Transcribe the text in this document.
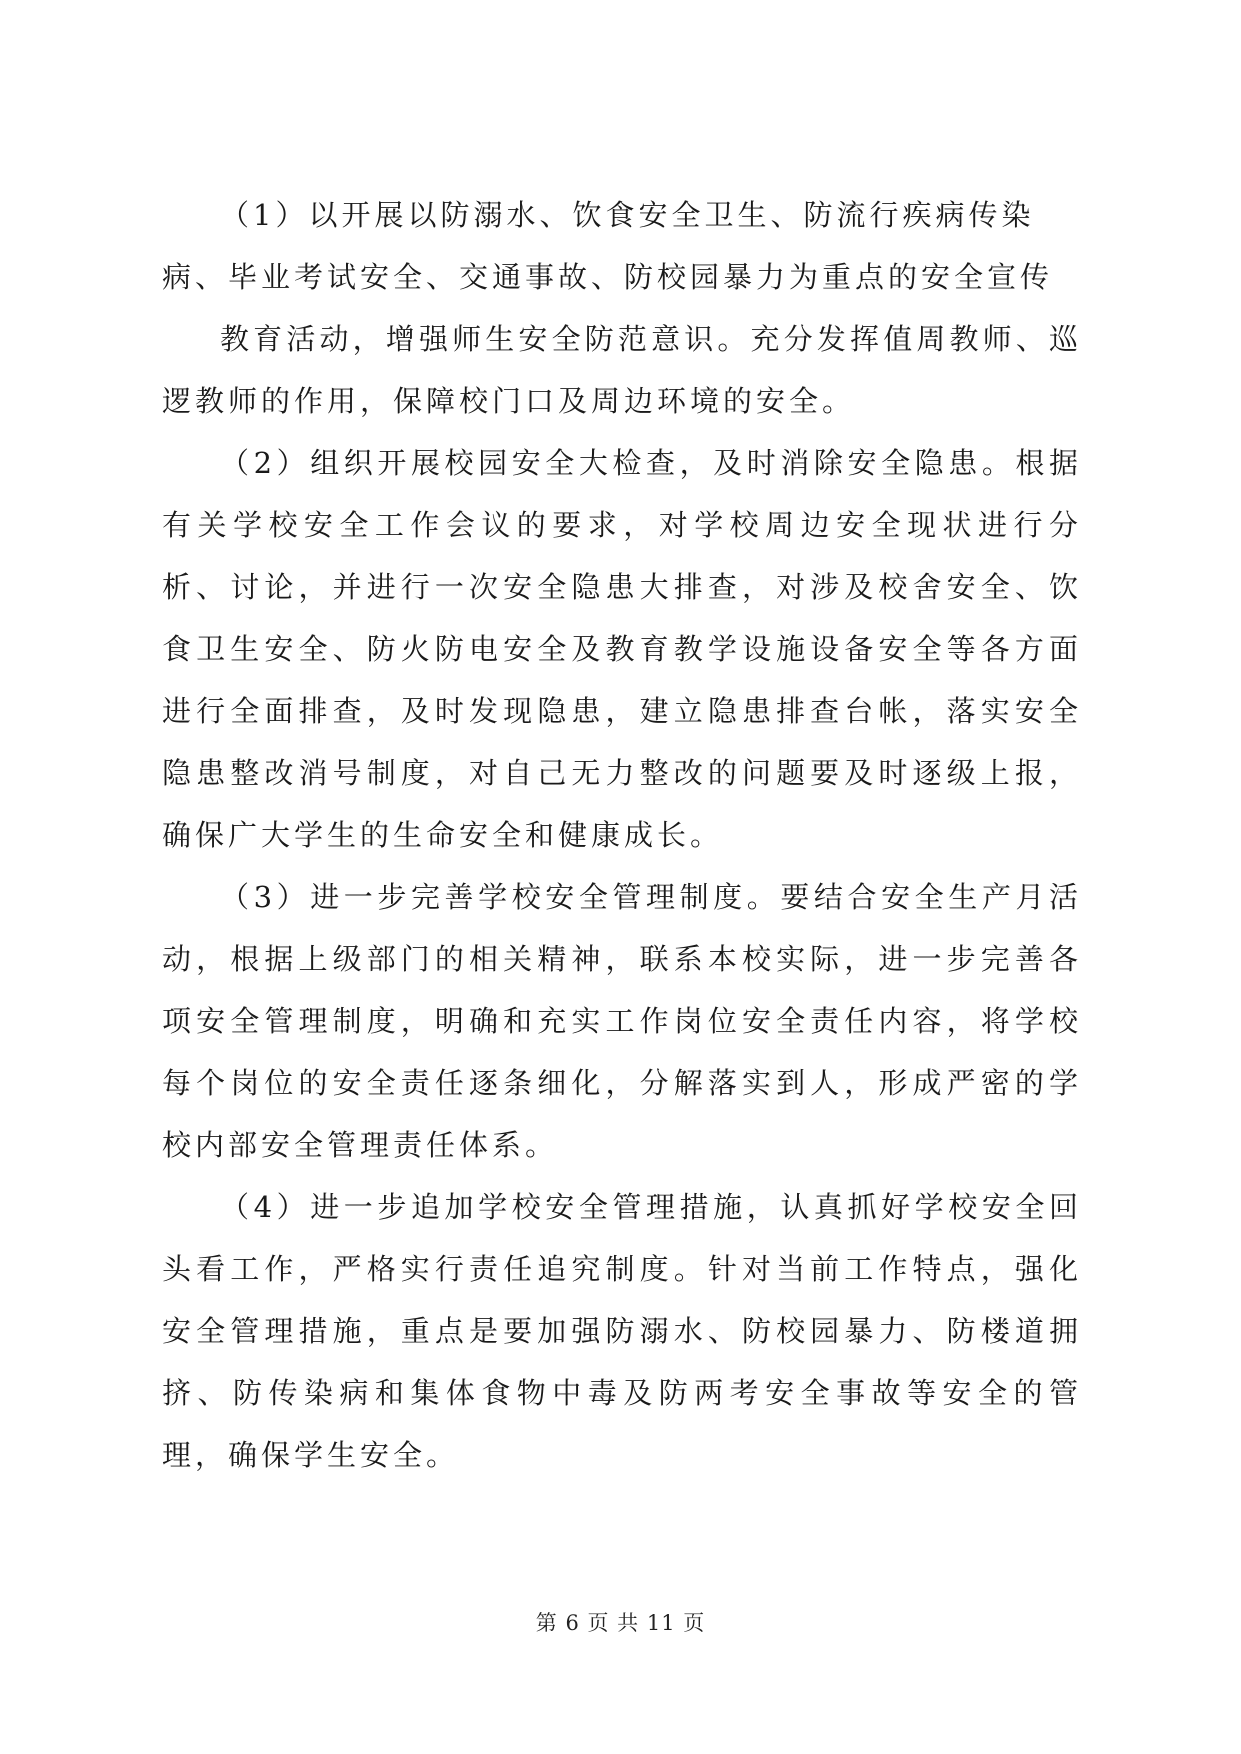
（1）以开展以防溺水、饮食安全卫生、防流行疾病传染病、毕业考试安全、交通事故、防校园暴力为重点的安全宣传

教育活动，增强师生安全防范意识。充分发挥值周教师、巡逻教师的作用，保障校门口及周边环境的安全。

（2）组织开展校园安全大检查，及时消除安全隐患。根据有关学校安全工作会议的要求，对学校周边安全现状进行分析、讨论，并进行一次安全隐患大排查，对涉及校舍安全、饮食卫生安全、防火防电安全及教育教学设施设备安全等各方面进行全面排查，及时发现隐患，建立隐患排查台帐，落实安全隐患整改消号制度，对自己无力整改的问题要及时逐级上报，确保广大学生的生命安全和健康成长。

（3）进一步完善学校安全管理制度。要结合安全生产月活动，根据上级部门的相关精神，联系本校实际，进一步完善各项安全管理制度，明确和充实工作岗位安全责任内容，将学校每个岗位的安全责任逐条细化，分解落实到人，形成严密的学校内部安全管理责任体系。

（4）进一步追加学校安全管理措施，认真抓好学校安全回头看工作，严格实行责任追究制度。针对当前工作特点，强化安全管理措施，重点是要加强防溺水、防校园暴力、防楼道拥挤、防传染病和集体食物中毒及防两考安全事故等安全的管理，确保学生安全。

第 6 页 共 11 页
